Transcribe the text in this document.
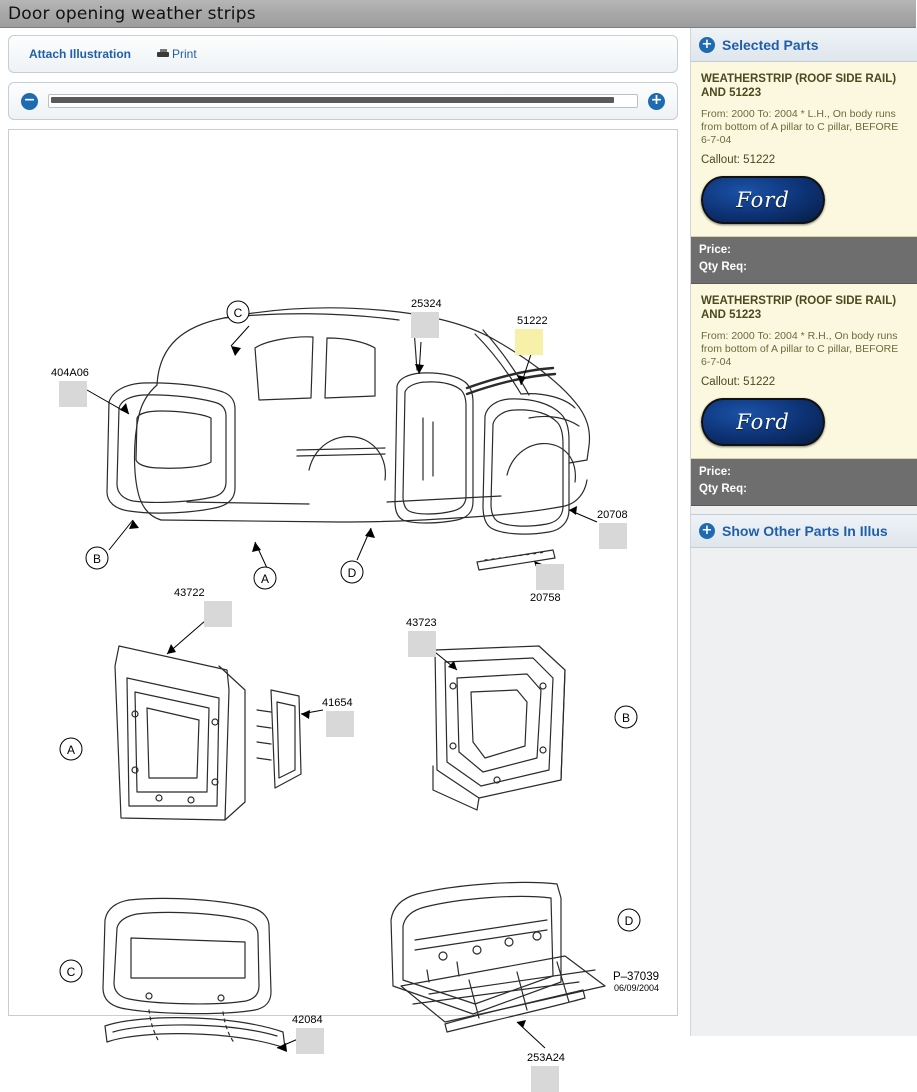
Door opening weather strips
Attach Illustration	Print
−	+
C
B
A	D
A
B
C
D
25324
51222
404A06
20708
20758
43722
41654
43723
42084
253A24
P–37039
06/09/2004
+ Selected Parts
WEATHERSTRIP (ROOF SIDE RAIL) AND 51223
From: 2000 To: 2004 * L.H., On body runs from bottom of A pillar to C pillar, BEFORE 6-7-04
Callout: 51222
Ford
Price:
Qty Req:
WEATHERSTRIP (ROOF SIDE RAIL) AND 51223
From: 2000 To: 2004 * R.H., On body runs from bottom of A pillar to C pillar, BEFORE 6-7-04
Callout: 51222
Ford
Price:
Qty Req:
+ Show Other Parts In Illus
